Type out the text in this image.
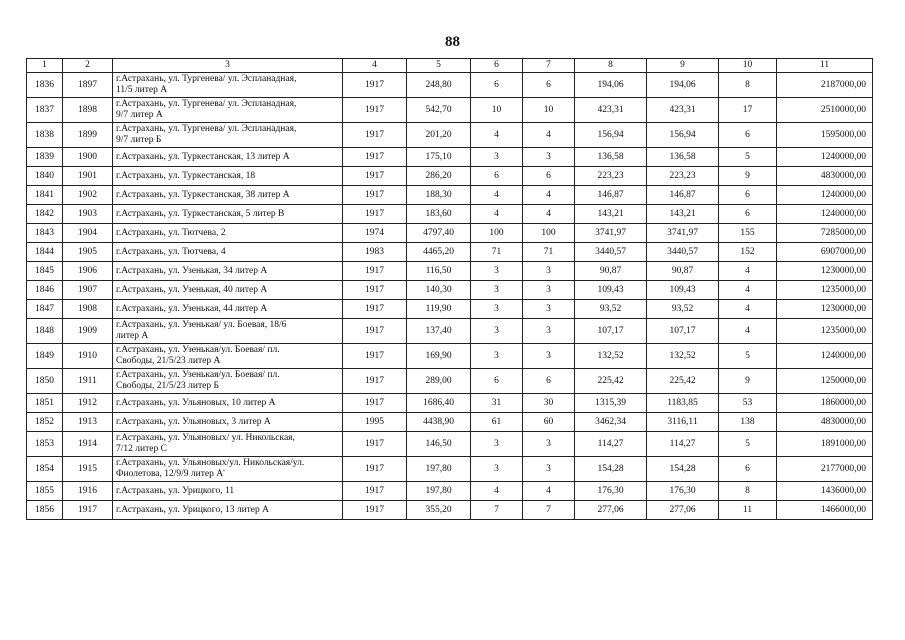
88
1	2	3	4	5	6	7	8	9	10	11
1836	1897	г.Астрахань, ул. Тургенева/ ул. Эспланадная,
11/5 литер А	1917	248,80	6	6	194,06	194,06	8	2187000,00
1837	1898	г.Астрахань, ул. Тургенева/ ул. Эспланадная,
9/7 литер А	1917	542,70	10	10	423,31	423,31	17	2510000,00
1838	1899	г.Астрахань, ул. Тургенева/ ул. Эспланадная,
9/7 литер Б	1917	201,20	4	4	156,94	156,94	6	1595000,00
1839	1900	г.Астрахань, ул. Туркестанская, 13 литер А	1917	175,10	3	3	136,58	136,58	5	1240000,00
1840	1901	г.Астрахань, ул. Туркестанская, 18	1917	286,20	6	6	223,23	223,23	9	4830000,00
1841	1902	г.Астрахань, ул. Туркестанская, 38 литер А	1917	188,30	4	4	146,87	146,87	6	1240000,00
1842	1903	г.Астрахань, ул. Туркестанская, 5 литер В	1917	183,60	4	4	143,21	143,21	6	1240000,00
1843	1904	г.Астрахань, ул. Тютчева, 2	1974	4797,40	100	100	3741,97	3741,97	155	7285000,00
1844	1905	г.Астрахань, ул. Тютчева, 4	1983	4465,20	71	71	3440,57	3440,57	152	6907000,00
1845	1906	г.Астрахань, ул. Узенькая, 34 литер А	1917	116,50	3	3	90,87	90,87	4	1230000,00
1846	1907	г.Астрахань, ул. Узенькая, 40 литер А	1917	140,30	3	3	109,43	109,43	4	1235000,00
1847	1908	г.Астрахань, ул. Узенькая, 44 литер А	1917	119,90	3	3	93,52	93,52	4	1230000,00
1848	1909	г.Астрахань, ул. Узенькая/ ул. Боевая, 18/6
литер А	1917	137,40	3	3	107,17	107,17	4	1235000,00
1849	1910	г.Астрахань, ул. Узенькая/ул. Боевая/ пл.
Свободы, 21/5/23 литер А	1917	169,90	3	3	132,52	132,52	5	1240000,00
1850	1911	г.Астрахань, ул. Узенькая/ул. Боевая/ пл.
Свободы, 21/5/23 литер Б	1917	289,00	6	6	225,42	225,42	9	1250000,00
1851	1912	г.Астрахань, ул. Ульяновых, 10 литер А	1917	1686,40	31	30	1315,39	1183,85	53	1860000,00
1852	1913	г.Астрахань, ул. Ульяновых, 3 литер А	1995	4438,90	61	60	3462,34	3116,11	138	4830000,00
1853	1914	г.Астрахань, ул. Ульяновых/ ул. Никольская,
7/12 литер С	1917	146,50	3	3	114,27	114,27	5	1891000,00
1854	1915	г.Астрахань, ул. Ульяновых/ул. Никольская/ул.
Фиолетова, 12/9/9 литер А'	1917	197,80	3	3	154,28	154,28	6	2177000,00
1855	1916	г.Астрахань, ул. Урицкого, 11	1917	197,80	4	4	176,30	176,30	8	1436000,00
1856	1917	г.Астрахань, ул. Урицкого, 13 литер А	1917	355,20	7	7	277,06	277,06	11	1466000,00
